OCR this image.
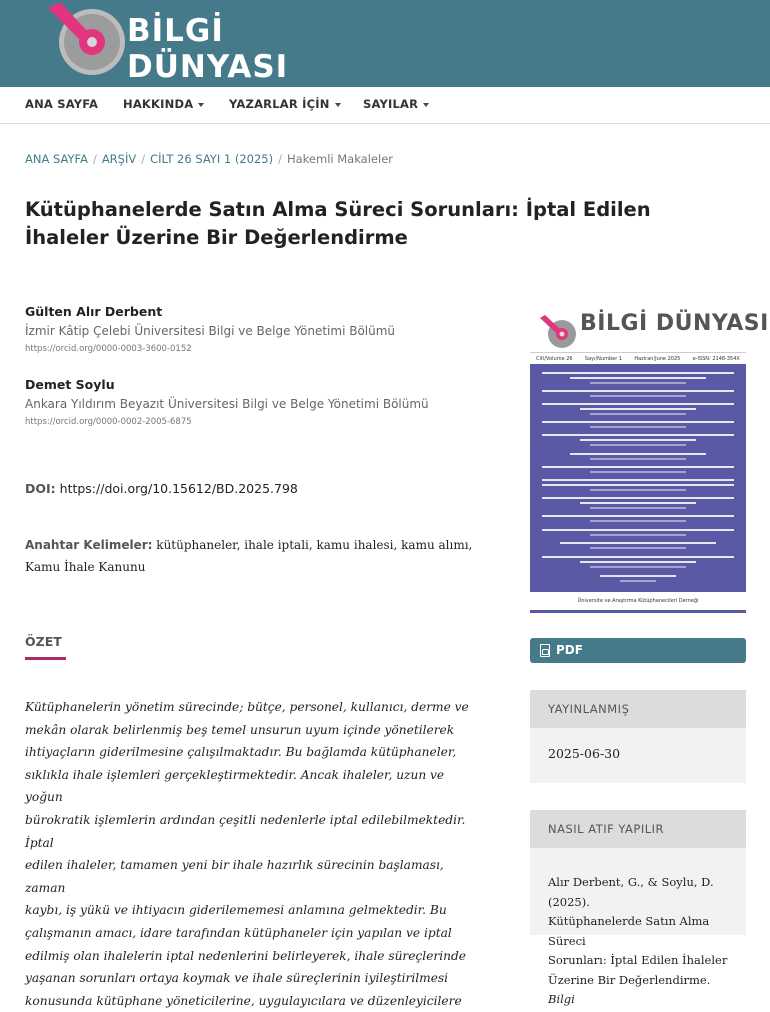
BİLGİ DÜNYASI
ANA SAYFA HAKKINDA	YAZARLAR İÇİN	SAYILAR
ANA SAYFA / ARŞİV / CİLT 26 SAYI 1 (2025) / Hakemli Makaleler
Kütüphanelerde Satın Alma Süreci Sorunları: İptal Edilen
İhaleler Üzerine Bir Değerlendirme
Gülten Alır Derbent
İzmir Kâtip Çelebi Üniversitesi Bilgi ve Belge Yönetimi Bölümü
https://orcid.org/0000-0003-3600-0152
Demet Soylu
Ankara Yıldırım Beyazıt Üniversitesi Bilgi ve Belge Yönetimi Bölümü
https://orcid.org/0000-0002-2005-6875
DOI: https://doi.org/10.15612/BD.2025.798
Anahtar Kelimeler: kütüphaneler, ihale iptali, kamu ihalesi, kamu alımı,
Kamu İhale Kanunu
ÖZET
Kütüphanelerin yönetim sürecinde; bütçe, personel, kullanıcı, derme ve
mekân olarak belirlenmiş beş temel unsurun uyum içinde yönetilerek
ihtiyaçların giderilmesine çalışılmaktadır. Bu bağlamda kütüphaneler,
sıklıkla ihale işlemleri gerçekleştirmektedir. Ancak ihaleler, uzun ve yoğun
bürokratik işlemlerin ardından çeşitli nedenlerle iptal edilebilmektedir. İptal
edilen ihaleler, tamamen yeni bir ihale hazırlık sürecinin başlaması, zaman
kaybı, iş yükü ve ihtiyacın giderilememesi anlamına gelmektedir. Bu
çalışmanın amacı, idare tarafından kütüphaneler için yapılan ve iptal
edilmiş olan ihalelerin iptal nedenlerini belirleyerek, ihale süreçlerinde
yaşanan sorunları ortaya koymak ve ihale süreçlerinin iyileştirilmesi
konusunda kütüphane yöneticilerine, uygulayıcılara ve düzenleyicilere
BİLGİ DÜNYASI
Cilt/Volume 26 Sayı/Number 1 Haziran/June 2025 e-ISSN: 2148-354X
Üniversite ve Araştırma Kütüphanecileri Derneği
PDF
YAYINLANMIŞ
2025-06-30
NASIL ATIF YAPILIR
Alır Derbent, G., & Soylu, D. (2025).
Kütüphanelerde Satın Alma Süreci
Sorunları: İptal Edilen İhaleler
Üzerine Bir Değerlendirme. Bilgi
